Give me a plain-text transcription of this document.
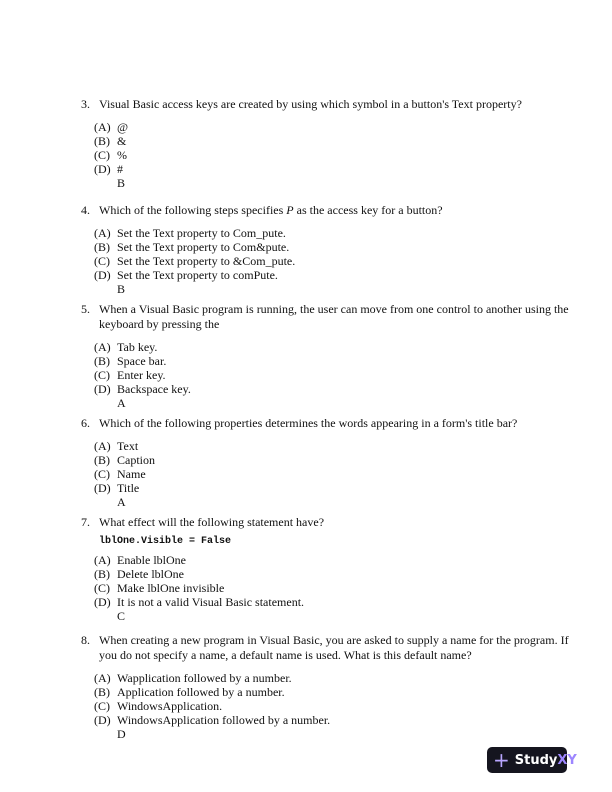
3. Visual Basic access keys are created by using which symbol in a button's Text property?
(A) @
(B) &
(C) %
(D) #
B
4. Which of the following steps specifies P as the access key for a button?
(A) Set the Text property to Com_pute.
(B) Set the Text property to Com&pute.
(C) Set the Text property to &Com_pute.
(D) Set the Text property to comPute.
B
5. When a Visual Basic program is running, the user can move from one control to another using the keyboard by pressing the
(A) Tab key.
(B) Space bar.
(C) Enter key.
(D) Backspace key.
A
6. Which of the following properties determines the words appearing in a form's title bar?
(A) Text
(B) Caption
(C) Name
(D) Title
A
7. What effect will the following statement have?
lblOne.Visible = False
(A) Enable lblOne
(B) Delete lblOne
(C) Make lblOne invisible
(D) It is not a valid Visual Basic statement.
C
8. When creating a new program in Visual Basic, you are asked to supply a name for the program. If you do not specify a name, a default name is used. What is this default name?
(A) Wapplication followed by a number.
(B) Application followed by a number.
(C) WindowsApplication.
(D) WindowsApplication followed by a number.
D
+ Study XY
